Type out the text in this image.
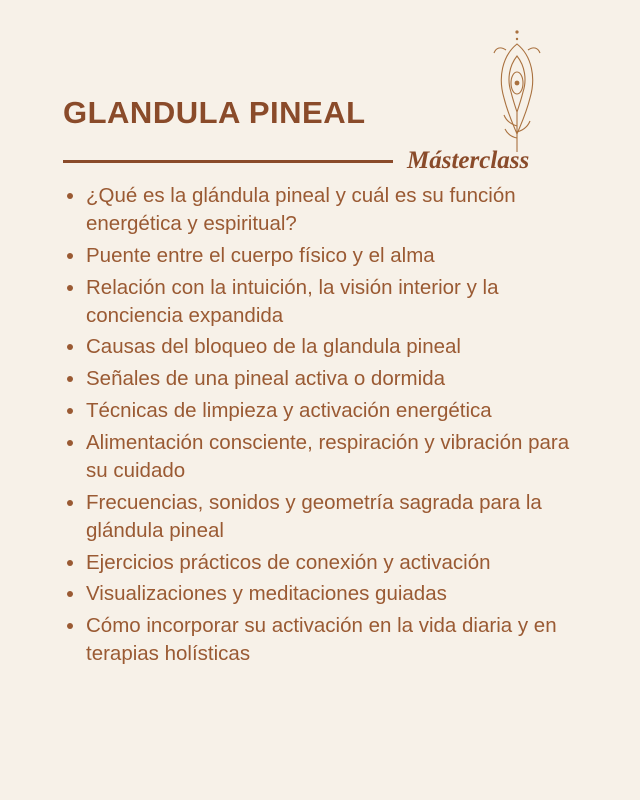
GLANDULA PINEAL
Másterclass
¿Qué es la glándula pineal y cuál es su función energética y espiritual?
Puente entre el cuerpo físico y el alma
Relación con la intuición, la visión interior y la conciencia expandida
Causas del bloqueo de la glandula pineal
Señales de una pineal activa o dormida
Técnicas de limpieza y activación energética
Alimentación consciente, respiración y vibración para su cuidado
Frecuencias, sonidos y geometría sagrada para la glándula pineal
Ejercicios prácticos de conexión y activación
Visualizaciones y meditaciones guiadas
Cómo incorporar su activación en la vida diaria y en terapias holísticas
